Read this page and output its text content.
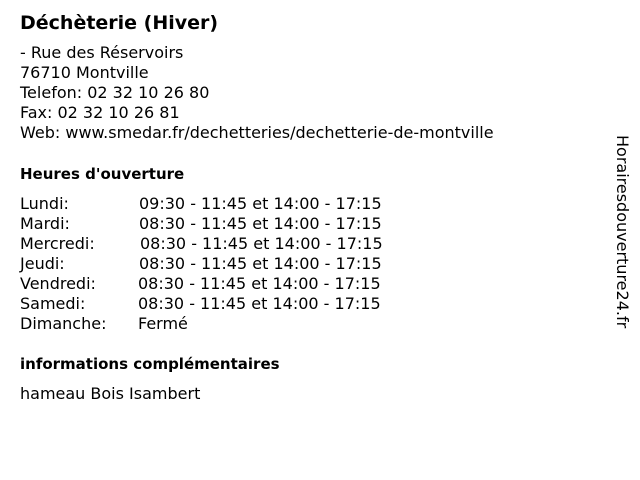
Déchèterie (Hiver)
- Rue des Réservoirs
76710 Montville
Telefon: 02 32 10 26 80
Fax: 02 32 10 26 81
Web: www.smedar.fr/dechetteries/dechetterie-de-montville
Heures d'ouverture
Lundi:	09:30 - 11:45 et 14:00 - 17:15
Mardi:	08:30 - 11:45 et 14:00 - 17:15
Mercredi:	08:30 - 11:45 et 14:00 - 17:15
Jeudi:	08:30 - 11:45 et 14:00 - 17:15
Vendredi:	08:30 - 11:45 et 14:00 - 17:15
Samedi:	08:30 - 11:45 et 14:00 - 17:15
Dimanche: Fermé
informations complémentaires
hameau Bois Isambert
Horairesdouverture24.fr
